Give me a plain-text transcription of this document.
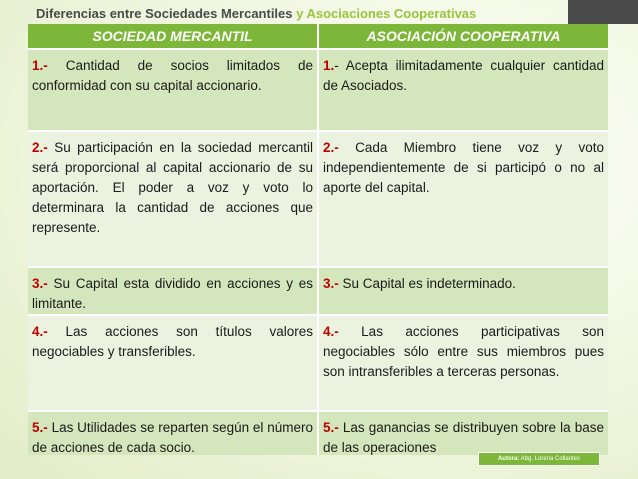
Diferencias entre Sociedades Mercantiles y Asociaciones Cooperativas
SOCIEDAD MERCANTIL	ASOCIACIÓN COOPERATIVA
1.- Cantidad de socios limitados de conformidad con su capital accionario.
1.- Acepta ilimitadamente cualquier cantidad de Asociados.
2.- Su participación en la sociedad mercantil será proporcional al capital accionario de su aportación. El poder a voz y voto lo determinara la cantidad de acciones que represente.
2.- Cada Miembro tiene voz y voto independientemente de si participó o no al aporte del capital.
3.- Su Capital esta dividido en acciones y es limitante.
3.- Su Capital es indeterminado.
4.- Las acciones son títulos valores negociables y transferibles.
4.- Las acciones participativas son negociables sólo entre sus miembros pues son intransferibles a terceras personas.
5.- Las Utilidades se reparten según el número de acciones de cada socio.
5.- Las ganancias se distribuyen sobre la base de las operaciones
Autora: Abg. Lorena Collantes
